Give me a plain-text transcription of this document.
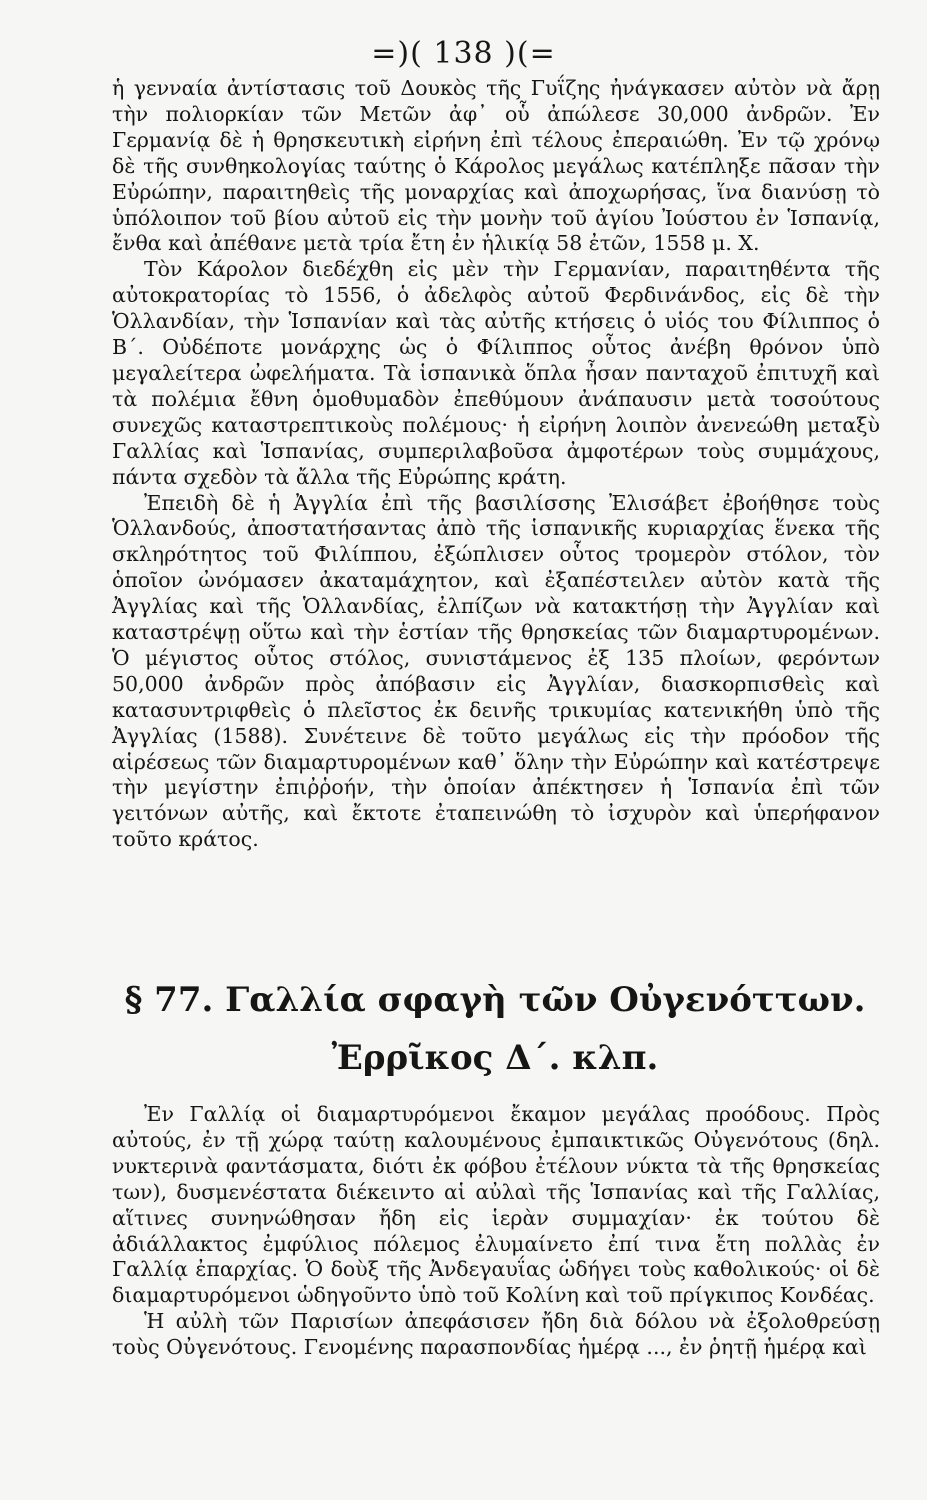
=)( 138 )(=

ἡ γενναία ἀντίστασις τοῦ Δουκὸς τῆς Γυΐζης ἠνάγκασεν αὐτὸν νὰ ἄρῃ τὴν πολιορκίαν τῶν Μετῶν ἀφ᾽ οὗ ἀπώλεσε 30,000 ἀνδρῶν. Ἐν Γερμανίᾳ δὲ ἡ θρησκευτικὴ εἰρήνη ἐπὶ τέλους ἐπεραιώθη. Ἐν τῷ χρόνῳ δὲ τῆς συνθηκολογίας ταύτης ὁ Κάρολος μεγάλως κατέπληξε πᾶσαν τὴν Εὐρώπην, παραιτηθεὶς τῆς μοναρχίας καὶ ἀποχωρήσας, ἵνα διανύσῃ τὸ ὑπόλοιπον τοῦ βίου αὐτοῦ εἰς τὴν μονὴν τοῦ ἁγίου Ἰούστου ἐν Ἱσπανίᾳ, ἔνθα καὶ ἀπέθανε μετὰ τρία ἔτη ἐν ἡλικίᾳ 58 ἐτῶν, 1558 μ. Χ.

Τὸν Κάρολον διεδέχθη εἰς μὲν τὴν Γερμανίαν, παραιτηθέντα τῆς αὐτοκρατορίας τὸ 1556, ὁ ἀδελφὸς αὐτοῦ Φερδινάνδος, εἰς δὲ τὴν Ὁλλανδίαν, τὴν Ἱσπανίαν καὶ τὰς αὐτῆς κτήσεις ὁ υἱός του Φίλιππος ὁ Β΄. Οὐδέποτε μονάρχης ὡς ὁ Φίλιππος οὗτος ἀνέβη θρόνον ὑπὸ μεγαλείτερα ὠφελήματα. Τὰ ἱσπανικὰ ὅπλα ἦσαν πανταχοῦ ἐπιτυχῆ καὶ τὰ πολέμια ἔθνη ὁμοθυμαδὸν ἐπεθύμουν ἀνάπαυσιν μετὰ τοσούτους συνεχῶς καταστρεπτικοὺς πολέμους· ἡ εἰρήνη λοιπὸν ἀνενεώθη μεταξὺ Γαλλίας καὶ Ἱσπανίας, συμπεριλαβοῦσα ἀμφοτέρων τοὺς συμμάχους, πάντα σχεδὸν τὰ ἄλλα τῆς Εὐρώπης κράτη.

Ἐπειδὴ δὲ ἡ Ἀγγλία ἐπὶ τῆς βασιλίσσης Ἐλισάβετ ἐβοήθησε τοὺς Ὁλλανδούς, ἀποστατήσαντας ἀπὸ τῆς ἱσπανικῆς κυριαρχίας ἕνεκα τῆς σκληρότητος τοῦ Φιλίππου, ἐξώπλισεν οὗτος τρομερὸν στόλον, τὸν ὁποῖον ὠνόμασεν ἀκαταμάχητον, καὶ ἐξαπέστειλεν αὐτὸν κατὰ τῆς Ἀγγλίας καὶ τῆς Ὁλλανδίας, ἐλπίζων νὰ κατακτήσῃ τὴν Ἀγγλίαν καὶ καταστρέψῃ οὕτω καὶ τὴν ἑστίαν τῆς θρησκείας τῶν διαμαρτυρομένων. Ὁ μέγιστος οὗτος στόλος, συνιστάμενος ἐξ 135 πλοίων, φερόντων 50,000 ἀνδρῶν πρὸς ἀπόβασιν εἰς Ἀγγλίαν, διασκορπισθεὶς καὶ κατασυντριφθεὶς ὁ πλεῖστος ἐκ δεινῆς τρικυμίας κατενικήθη ὑπὸ τῆς Ἀγγλίας (1588). Συνέτεινε δὲ τοῦτο μεγάλως εἰς τὴν πρόοδον τῆς αἱρέσεως τῶν διαμαρτυρομένων καθ᾽ ὅλην τὴν Εὐρώπην καὶ κατέστρεψε τὴν μεγίστην ἐπιῤῥοήν, τὴν ὁποίαν ἀπέκτησεν ἡ Ἱσπανία ἐπὶ τῶν γειτόνων αὐτῆς, καὶ ἔκτοτε ἐταπεινώθη τὸ ἰσχυρὸν καὶ ὑπερήφανον τοῦτο κράτος.

§ 77. Γαλλία σφαγὴ τῶν Οὐγενόττων.
Ἐρρῖκος Δ΄. κλπ.

Ἐν Γαλλίᾳ οἱ διαμαρτυρόμενοι ἔκαμον μεγάλας προόδους. Πρὸς αὐτούς, ἐν τῇ χώρᾳ ταύτῃ καλουμένους ἐμπαικτικῶς Οὐγενότους (δηλ. νυκτερινὰ φαντάσματα, διότι ἐκ φόβου ἐτέλουν νύκτα τὰ τῆς θρησκείας των), δυσμενέστατα διέκειντο αἱ αὐλαὶ τῆς Ἱσπανίας καὶ τῆς Γαλλίας, αἵτινες συνηνώθησαν ἤδη εἰς ἱερὰν συμμαχίαν· ἐκ τούτου δὲ ἀδιάλλακτος ἐμφύλιος πόλεμος ἐλυμαίνετο ἐπί τινα ἔτη πολλὰς ἐν Γαλλίᾳ ἐπαρχίας. Ὁ δοὺξ τῆς Ἀνδεγαυΐας ὡδήγει τοὺς καθολικούς· οἱ δὲ διαμαρτυρόμενοι ὡδηγοῦντο ὑπὸ τοῦ Κολίνη καὶ τοῦ πρίγκιπος Κονδέας.

Ἡ αὐλὴ τῶν Παρισίων ἀπεφάσισεν ἤδη διὰ δόλου νὰ ἐξολοθρεύσῃ τοὺς Οὐγενότους. Γενομένης παρασπονδίας ἡμέρᾳ ..., ἐν ῥητῇ ἡμέρᾳ καὶ
